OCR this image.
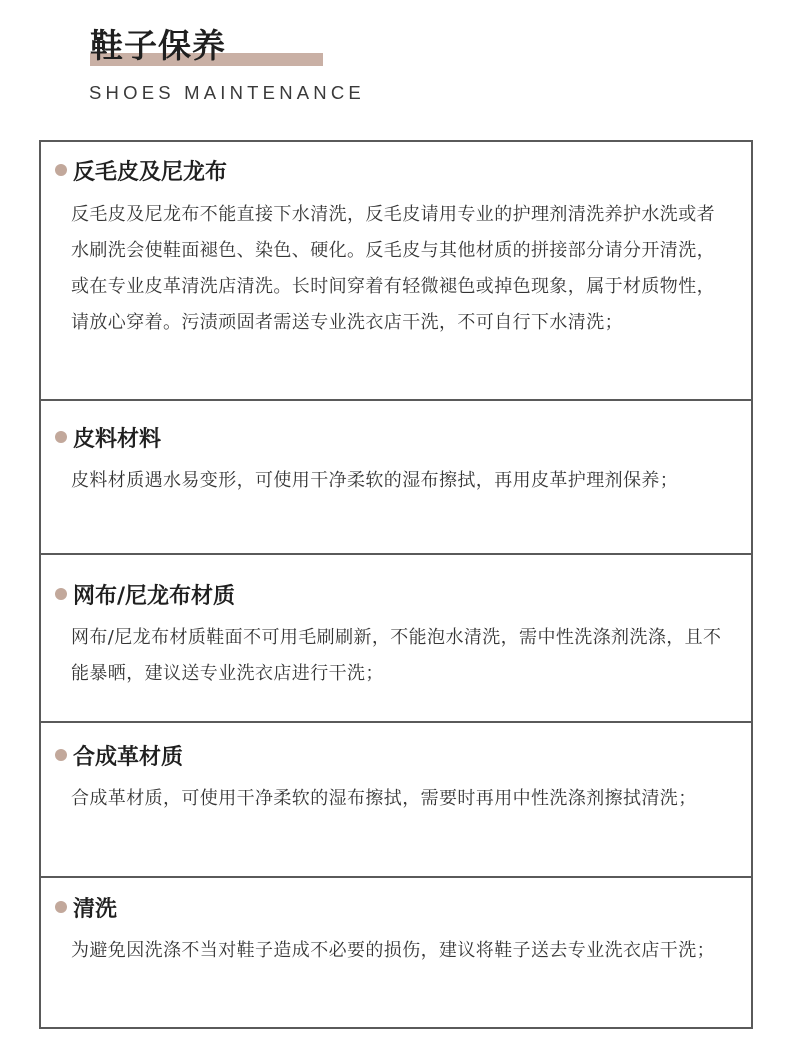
鞋子保养
SHOES MAINTENANCE
反毛皮及尼龙布
反毛皮及尼龙布不能直接下水清洗，反毛皮请用专业的护理剂清洗养护水洗或者水刷洗会使鞋面褪色、染色、硬化。反毛皮与其他材质的拼接部分请分开清洗，或在专业皮革清洗店清洗。长时间穿着有轻微褪色或掉色现象，属于材质物性，请放心穿着。污渍顽固者需送专业洗衣店干洗，不可自行下水清洗；
皮料材料
皮料材质遇水易变形，可使用干净柔软的湿布擦拭，再用皮革护理剂保养；
网布/尼龙布材质
网布/尼龙布材质鞋面不可用毛刷刷新，不能泡水清洗，需中性洗涤剂洗涤，且不能暴晒，建议送专业洗衣店进行干洗；
合成革材质
合成革材质，可使用干净柔软的湿布擦拭，需要时再用中性洗涤剂擦拭清洗；
清洗
为避免因洗涤不当对鞋子造成不必要的损伤，建议将鞋子送去专业洗衣店干洗；
